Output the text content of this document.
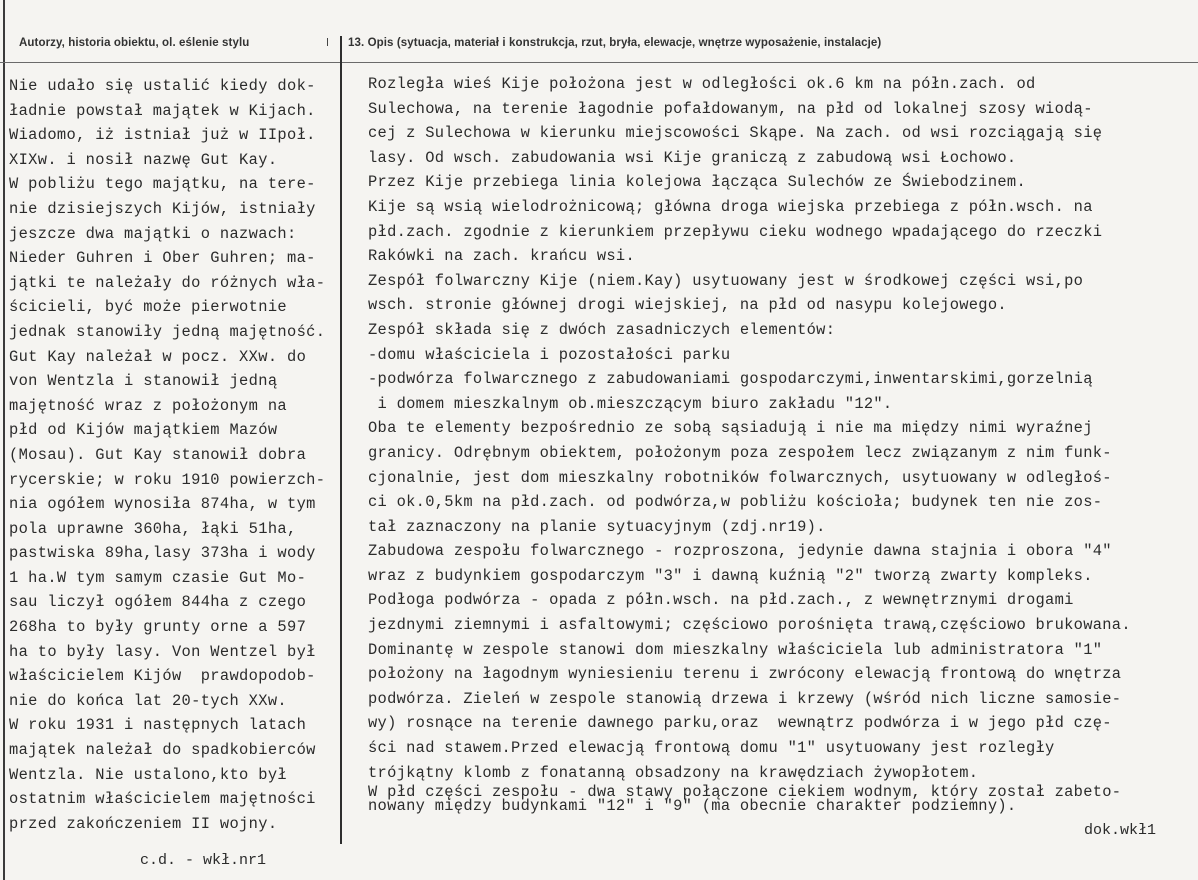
Autorzy, historia obiektu, ol. eślenie stylu	13. Opis (sytuacja, materiał i konstrukcja, rzut, bryła, elewacje, wnętrze wyposażenie, instalacje)
Nie udało się ustalić kiedy dok-
ładnie powstał majątek w Kijach.
Wiadomo, iż istniał już w IIpoł.
XIXw. i nosił nazwę Gut Kay.
W pobliżu tego majątku, na tere-
nie dzisiejszych Kijów, istniały
jeszcze dwa majątki o nazwach:
Nieder Guhren i Ober Guhren; ma-
jątki te należały do różnych wła-
ścicieli, być może pierwotnie
jednak stanowiły jedną majętność.
Gut Kay należał w pocz. XXw. do
von Wentzla i stanowił jedną
majętność wraz z położonym na
płd od Kijów majątkiem Mazów
(Mosau). Gut Kay stanowił dobra
rycerskie; w roku 1910 powierzch-
nia ogółem wynosiła 874ha, w tym
pola uprawne 360ha, łąki 51ha,
pastwiska 89ha,lasy 373ha i wody
1 ha.W tym samym czasie Gut Mo-
sau liczył ogółem 844ha z czego
268ha to były grunty orne a 597
ha to były lasy. Von Wentzel był
właścicielem Kijów  prawdopodob-
nie do końca lat 20-tych XXw.
W roku 1931 i następnych latach
majątek należał do spadkobierców
Wentzla. Nie ustalono,kto był
ostatnim właścicielem majętności
przed zakończeniem II wojny.
Rozległa wieś Kije położona jest w odległości ok.6 km na półn.zach. od
Sulechowa, na terenie łagodnie pofałdowanym, na płd od lokalnej szosy wiodą-
cej z Sulechowa w kierunku miejscowości Skąpe. Na zach. od wsi rozciągają się
lasy. Od wsch. zabudowania wsi Kije graniczą z zabudową wsi Łochowo.
Przez Kije przebiega linia kolejowa łącząca Sulechów ze Świebodzinem.
Kije są wsią wielodrożnicową; główna droga wiejska przebiega z półn.wsch. na
płd.zach. zgodnie z kierunkiem przepływu cieku wodnego wpadającego do rzeczki
Rakówki na zach. krańcu wsi.
Zespół folwarczny Kije (niem.Kay) usytuowany jest w środkowej części wsi,po
wsch. stronie głównej drogi wiejskiej, na płd od nasypu kolejowego.
Zespół składa się z dwóch zasadniczych elementów:
-domu właściciela i pozostałości parku
-podwórza folwarcznego z zabudowaniami gospodarczymi,inwentarskimi,gorzelnią
i domem mieszkalnym ob.mieszczącym biuro zakładu "12".
Oba te elementy bezpośrednio ze sobą sąsiadują i nie ma między nimi wyraźnej
granicy. Odrębnym obiektem, położonym poza zespołem lecz związanym z nim funk-
cjonalnie, jest dom mieszkalny robotników folwarcznych, usytuowany w odległoś-
ci ok.0,5km na płd.zach. od podwórza,w pobliżu kościoła; budynek ten nie zos-
tał zaznaczony na planie sytuacyjnym (zdj.nr19).
Zabudowa zespołu folwarcznego - rozproszona, jedynie dawna stajnia i obora "4"
wraz z budynkiem gospodarczym "3" i dawną kuźnią "2" tworzą zwarty kompleks.
Podłoga podwórza - opada z półn.wsch. na płd.zach., z wewnętrznymi drogami
jezdnymi ziemnymi i asfaltowymi; częściowo porośnięta trawą,częściowo brukowana.
Dominantę w zespole stanowi dom mieszkalny właściciela lub administratora "1"
położony na łagodnym wyniesieniu terenu i zwrócony elewacją frontową do wnętrza
podwórza. Zieleń w zespole stanowią drzewa i krzewy (wśród nich liczne samosie-
wy) rosnące na terenie dawnego parku,oraz  wewnątrz podwórza i w jego płd czę-
ści nad stawem.Przed elewacją frontową domu "1" usytuowany jest rozległy
trójkątny klomb z fonatanną obsadzony na krawędziach żywopłotem.
W płd części zespołu - dwa stawy połączone ciekiem wodnym, który został zabeto-
nowany między budynkami "12" i "9" (ma obecnie charakter podziemny).
c.d. - wkł.nr1
dok.wkł1
